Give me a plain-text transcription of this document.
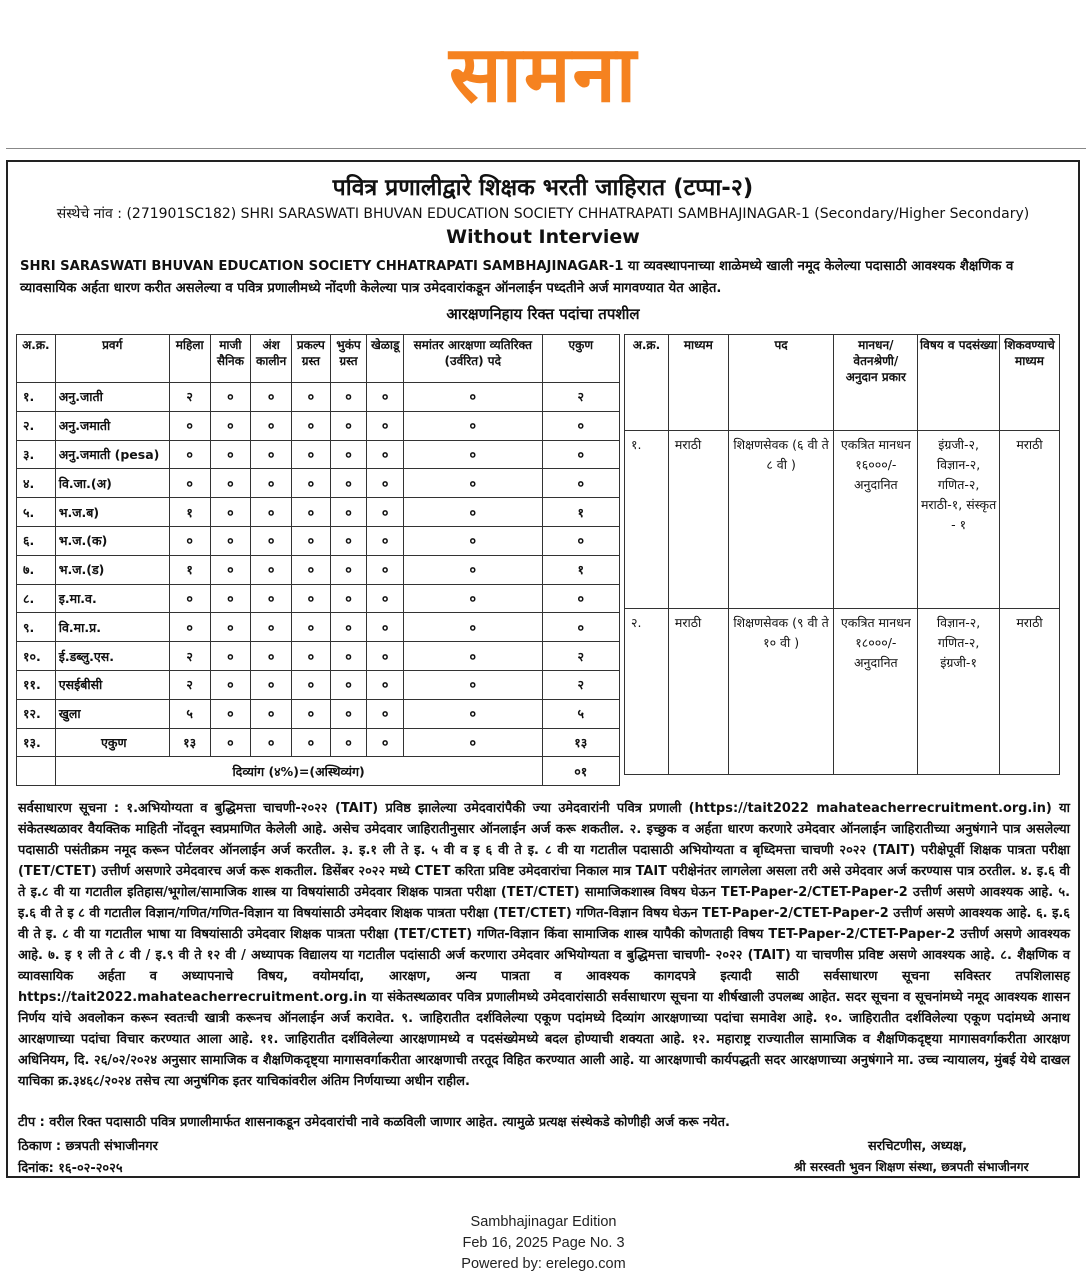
सामना
पवित्र प्रणालीद्वारे शिक्षक भरती जाहिरात (टप्पा-२)
संस्थेचे नांव : (271901SC182) SHRI SARASWATI BHUVAN EDUCATION SOCIETY CHHATRAPATI SAMBHAJINAGAR-1 (Secondary/Higher Secondary)
Without Interview
SHRI SARASWATI BHUVAN EDUCATION SOCIETY CHHATRAPATI SAMBHAJINAGAR-1 या व्यवस्थापनाच्या शाळेमध्ये खाली नमूद केलेल्या पदासाठी आवश्यक शैक्षणिक व व्यावसायिक अर्हता धारण करीत असलेल्या व पवित्र प्रणालीमध्ये नोंदणी केलेल्या पात्र उमेदवारांकडून ऑनलाईन पध्दतीने अर्ज मागवण्यात येत आहेत.
आरक्षणनिहाय रिक्त पदांचा तपशील
अ.क्र.	प्रवर्ग	महिला	माजी सैनिक	अंश कालीन	प्रकल्प ग्रस्त	भुकंप ग्रस्त	खेळाडू	समांतर आरक्षणा व्यतिरिक्त (उर्वरित) पदे	एकुण
१.	अनु.जाती	२	०	०	०	०	०	०	२
२.	अनु.जमाती	०	०	०	०	०	०	०	०
३.	अनु.जमाती (pesa)	०	०	०	०	०	०	०	०
४.	वि.जा.(अ)	०	०	०	०	०	०	०	०
५.	भ.ज.ब)	१	०	०	०	०	०	०	१
६.	भ.ज.(क)	०	०	०	०	०	०	०	०
७.	भ.ज.(ड)	१	०	०	०	०	०	०	१
८.	इ.मा.व.	०	०	०	०	०	०	०	०
९.	वि.मा.प्र.	०	०	०	०	०	०	०	०
१०.	ई.डब्लु.एस.	२	०	०	०	०	०	०	२
११.	एसईबीसी	२	०	०	०	०	०	०	२
१२.	खुला	५	०	०	०	०	०	०	५
१३.	एकुण	१३	०	०	०	०	०	०	१३
	दिव्यांग (४%)=(अस्थिव्यंग)								०१
अ.क्र.	माध्यम	पद	मानधन/ वेतनश्रेणी/ अनुदान प्रकार	विषय व पदसंख्या	शिकवण्याचे माध्यम
१.	मराठी	शिक्षणसेवक (६ वी ते ८ वी )	एकत्रित मानधन १६०००/- अनुदानित	इंग्रजी-२, विज्ञान-२, गणित-२, मराठी-१, संस्कृत - १	मराठी
२.	मराठी	शिक्षणसेवक (९ वी ते १० वी )	एकत्रित मानधन १८०००/- अनुदानित	विज्ञान-२, गणित-२, इंग्रजी-१	मराठी
सर्वसाधारण सूचना : १.अभियोग्यता व बुद्धिमत्ता चाचणी-२०२२ (TAIT) प्रविष्ठ झालेल्या उमेदवारांपैकी ज्या उमेदवारांनी पवित्र प्रणाली (https://tait2022 mahateacherrecruitment.org.in) या संकेतस्थळावर वैयक्तिक माहिती नोंदवून स्वप्रमाणित केलेली आहे. असेच उमेदवार जाहिरातीनुसार ऑनलाईन अर्ज करू शकतील. २. इच्छुक व अर्हता धारण करणारे उमेदवार ऑनलाईन जाहिरातीच्या अनुषंगाने पात्र असलेल्या पदासाठी पसंतीक्रम नमूद करून पोर्टलवर ऑनलाईन अर्ज करतील. ३. इ.१ ली ते इ. ५ वी व इ ६ वी ते इ. ८ वी या गटातील पदासाठी अभियोग्यता व बृध्दिमत्ता चाचणी २०२२ (TAIT) परीक्षेपूर्वी शिक्षक पात्रता परीक्षा (TET/CTET) उत्तीर्ण असणारे उमेदवारच अर्ज करू शकतील. डिसेंबर २०२२ मध्ये CTET करिता प्रविष्ट उमेदवारांचा निकाल मात्र TAIT परीक्षेनंतर लागलेला असला तरी असे उमेदवार अर्ज करण्यास पात्र ठरतील. ४. इ.६ वी ते इ.८ वी या गटातील इतिहास/भूगोल/सामाजिक शास्त्र या विषयांसाठी उमेदवार शिक्षक पात्रता परीक्षा (TET/CTET) सामाजिकशास्त्र विषय घेऊन TET-Paper-2/CTET-Paper-2 उत्तीर्ण असणे आवश्यक आहे. ५. इ.६ वी ते इ ८ वी गटातील विज्ञान/गणित/गणित-विज्ञान या विषयांसाठी उमेदवार शिक्षक पात्रता परीक्षा (TET/CTET) गणित-विज्ञान विषय घेऊन TET-Paper-2/CTET-Paper-2 उत्तीर्ण असणे आवश्यक आहे. ६. इ.६ वी ते इ. ८ वी या गटातील भाषा या विषयांसाठी उमेदवार शिक्षक पात्रता परीक्षा (TET/CTET) गणित-विज्ञान किंवा सामाजिक शास्त्र यापैकी कोणताही विषय TET-Paper-2/CTET-Paper-2 उत्तीर्ण असणे आवश्यक आहे. ७. इ १ ली ते ८ वी / इ.९ वी ते १२ वी / अध्यापक विद्यालय या गटातील पदांसाठी अर्ज करणारा उमेदवार अभियोग्यता व बुद्धिमत्ता चाचणी- २०२२ (TAIT) या चाचणीस प्रविष्ट असणे आवश्यक आहे. ८. शैक्षणिक व व्यावसायिक अर्हता व अध्यापनाचे विषय, वयोमर्यादा, आरक्षण, अन्य पात्रता व आवश्यक कागदपत्रे इत्यादी साठी सर्वसाधारण सूचना सविस्तर तपशिलासह https://tait2022.mahateacherrecruitment.org.in या संकेतस्थळावर पवित्र प्रणालीमध्ये उमेदवारांसाठी सर्वसाधारण सूचना या शीर्षखाली उपलब्ध आहेत. सदर सूचना व सूचनांमध्ये नमूद आवश्यक शासन निर्णय यांचे अवलोकन करून स्वतःची खात्री करूनच ऑनलाईन अर्ज करावेत. ९. जाहिरातीत दर्शविलेल्या एकूण पदांमध्ये दिव्यांग आरक्षणाच्या पदांचा समावेश आहे. १०. जाहिरातीत दर्शविलेल्या एकूण पदांमध्ये अनाथ आरक्षणाच्या पदांचा विचार करण्यात आला आहे. ११. जाहिरातीत दर्शविलेल्या आरक्षणामध्ये व पदसंख्येमध्ये बदल होण्याची शक्यता आहे. १२. महाराष्ट्र राज्यातील सामाजिक व शैक्षणिकदृष्ट्या मागासवर्गाकरीता आरक्षण अधिनियम, दि. २६/०२/२०२४ अनुसार सामाजिक व शैक्षणिकदृष्ट्या मागासवर्गाकरीता आरक्षणाची तरतूद विहित करण्यात आली आहे. या आरक्षणाची कार्यपद्धती सदर आरक्षणाच्या अनुषंगाने मा. उच्च न्यायालय, मुंबई येथे दाखल याचिका क्र.३४६८/२०२४ तसेच त्या अनुषंगिक इतर याचिकांवरील अंतिम निर्णयाच्या अधीन राहील.
टीप : वरील रिक्त पदासाठी पवित्र प्रणालीमार्फत शासनाकडून उमेदवारांची नावे कळविली जाणार आहेत. त्यामुळे प्रत्यक्ष संस्थेकडे कोणीही अर्ज करू नयेत.
ठिकाण : छत्रपती संभाजीनगर
दिनांक: १६-०२-२०२५
सरचिटणीस, अध्यक्ष,
श्री सरस्वती भुवन शिक्षण संस्था, छत्रपती संभाजीनगर
Sambhajinagar Edition
Feb 16, 2025 Page No. 3
Powered by: erelego.com
